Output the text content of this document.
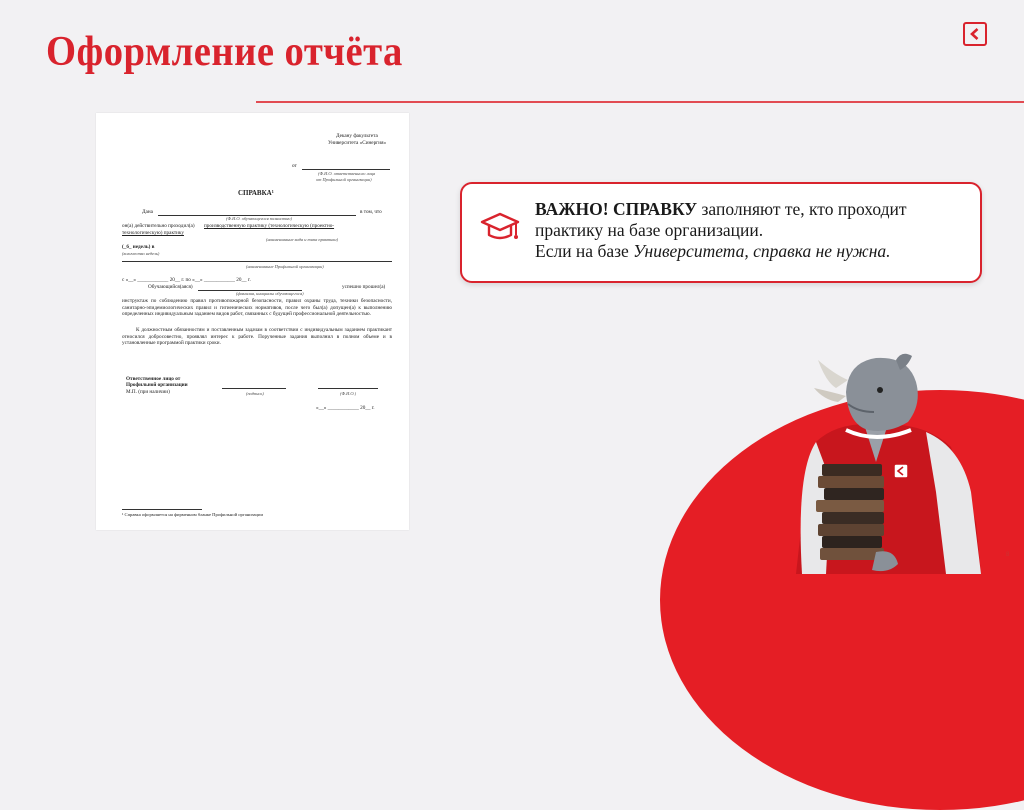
Оформление отчёта
Декану факультета
Университета «Синергия»
от
(Ф.И.О. ответственного лица
от Профильной организации)
СПРАВКА¹
Дана	в том, что
(Ф.И.О. обучающегося полностью)
он(а) действительно проходил(а) производственную практику (технологическую (проектно-
технологическую) практику
(наименование вида и типа практики)
(_6_ недель) в
(количество недель)
(наименование Профильной организации)
с «__» ____________ 20__ г. по «__» ____________ 20__ г.
Обучающийся(аяся)	успешно прошел(а)
(фамилия, инициалы обучающегося)
инструктаж по соблюдению правил противопожарной безопасности, правил охраны труда, техники безопасности, санитарно-эпидемиологических правил и гигиенических нормативов, после чего был(а) допущен(а) к выполнению определенных индивидуальным заданием видов работ, связанных с будущей профессиональной деятельностью.
К должностным обязанностям и поставленным задачам в соответствии с индивидуальным заданием практикант относился добросовестно, проявлял интерес к работе. Порученные задания выполнил в полном объеме и в установленные программой практики сроки.
Ответственное лицо от
Профильной организации
М.П. (при наличии)	(подпись)	(Ф.И.О.)
«__» ____________ 20__ г.
¹ Справка оформляется на фирменном бланке Профильной организации
ВАЖНО! СПРАВКУ заполняют те, кто проходит практику на базе организации.
Если на базе Университета, справка не нужна.
8
